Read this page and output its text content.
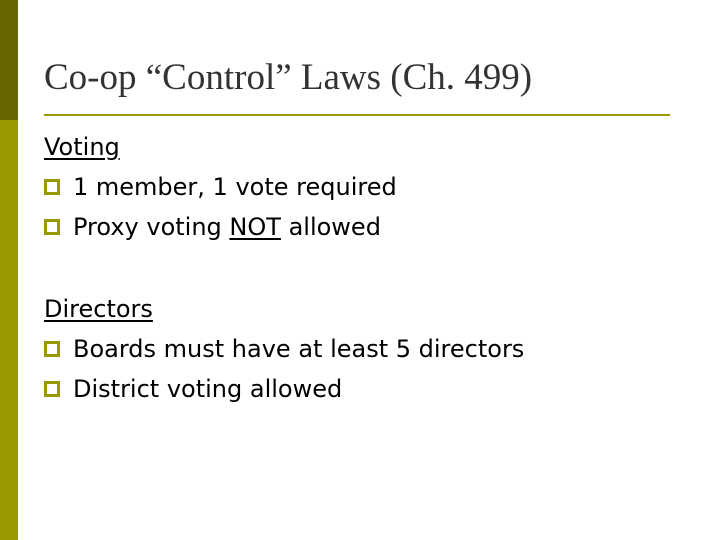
Co-op “Control” Laws (Ch. 499)
Voting
1 member, 1 vote required
Proxy voting NOT allowed
Directors
Boards must have at least 5 directors
District voting allowed
